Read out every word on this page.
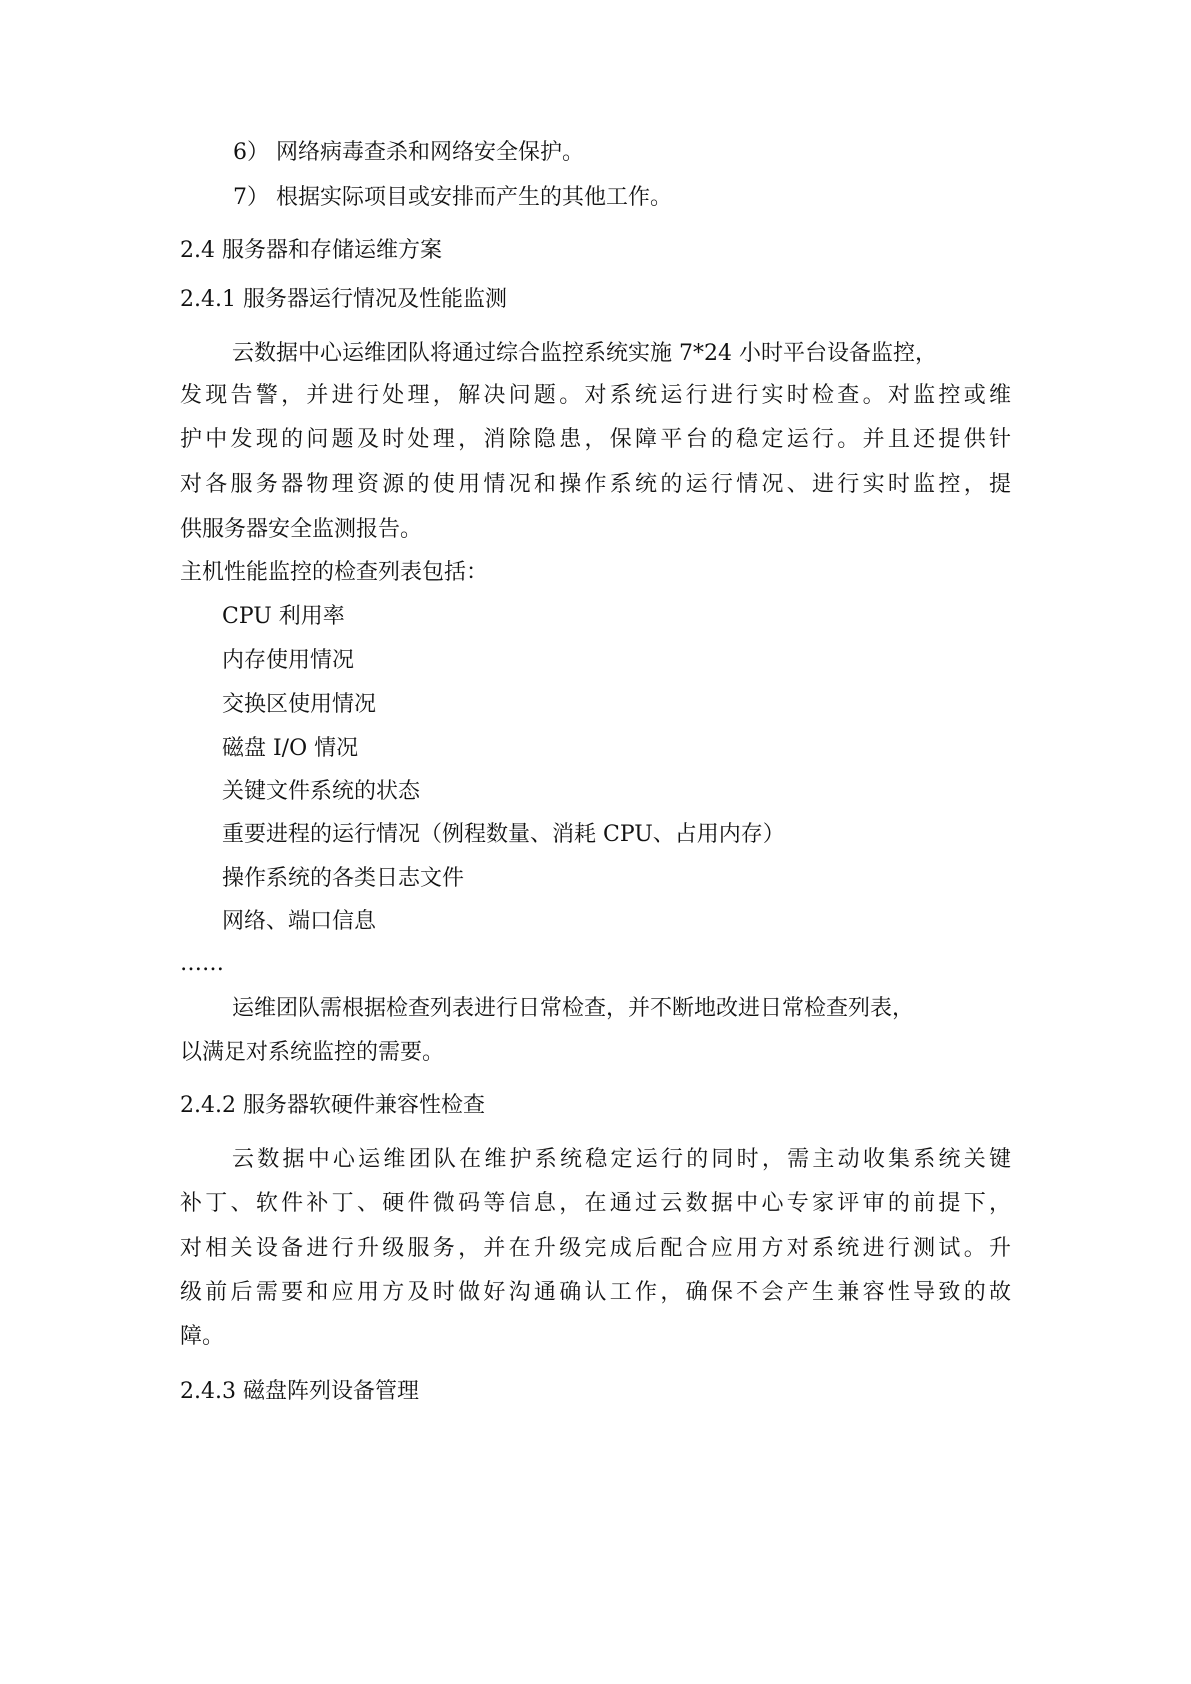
6） 网络病毒查杀和网络安全保护。
7） 根据实际项目或安排而产生的其他工作。
2.4 服务器和存储运维方案
2.4.1 服务器运行情况及性能监测
云数据中心运维团队将通过综合监控系统实施 7*24 小时平台设备监控，
发现告警，并进行处理，解决问题。对系统运行进行实时检查。对监控或维
护中发现的问题及时处理，消除隐患，保障平台的稳定运行。并且还提供针
对各服务器物理资源的使用情况和操作系统的运行情况、进行实时监控，提
供服务器安全监测报告。
主机性能监控的检查列表包括：
CPU 利用率
内存使用情况
交换区使用情况
磁盘 I/O 情况
关键文件系统的状态
重要进程的运行情况（例程数量、消耗 CPU、占用内存）
操作系统的各类日志文件
网络、端口信息
……
运维团队需根据检查列表进行日常检查，并不断地改进日常检查列表，
以满足对系统监控的需要。
2.4.2 服务器软硬件兼容性检查
云数据中心运维团队在维护系统稳定运行的同时，需主动收集系统关键
补丁、软件补丁、硬件微码等信息，在通过云数据中心专家评审的前提下，
对相关设备进行升级服务，并在升级完成后配合应用方对系统进行测试。升
级前后需要和应用方及时做好沟通确认工作，确保不会产生兼容性导致的故
障。
2.4.3 磁盘阵列设备管理
